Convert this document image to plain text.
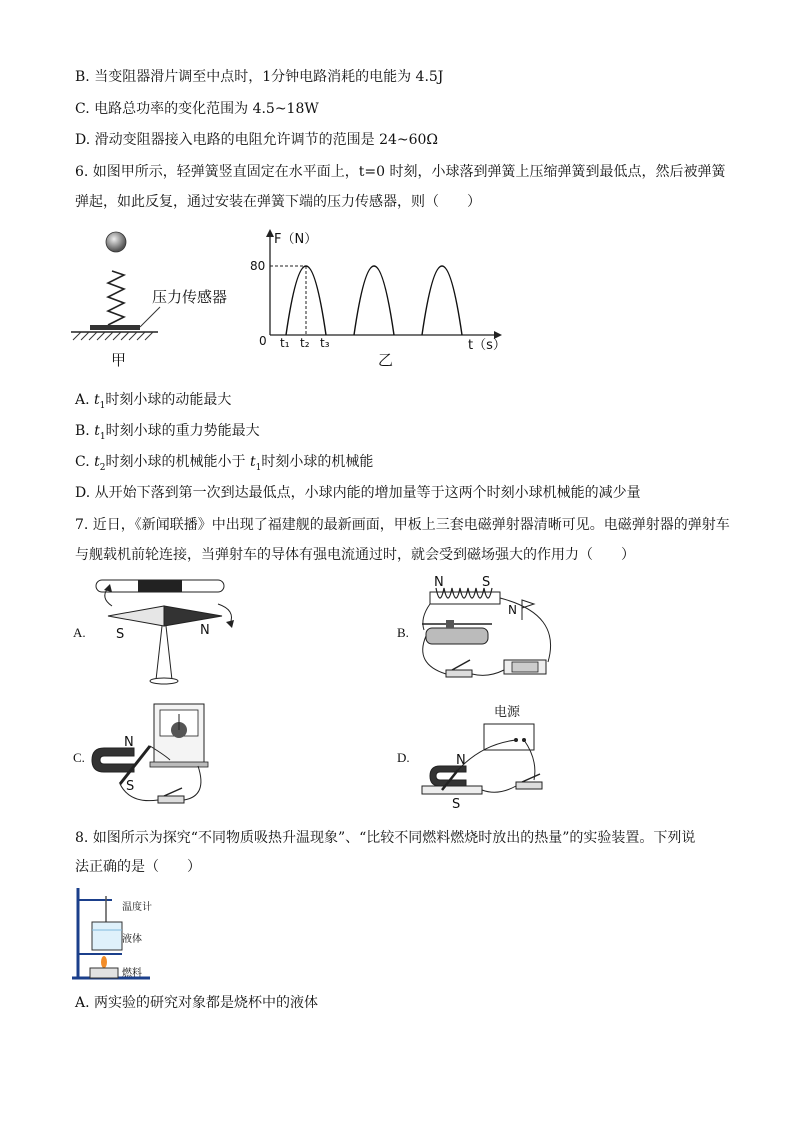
B. 当变阻器滑片调至中点时，1分钟电路消耗的电能为 4.5J
C. 电路总功率的变化范围为 4.5~18W
D. 滑动变阻器接入电路的电阻允许调节的范围是 24~60Ω
6. 如图甲所示，轻弹簧竖直固定在水平面上，t=0 时刻，小球落到弹簧上压缩弹簧到最低点，然后被弹簧
弹起，如此反复，通过安装在弹簧下端的压力传感器，则（　　）
压力传感器
甲
F（N）
80
0 t₁ t₂ t₃	t（s）
乙
A. $t_1$时刻小球的动能最大
B. $t_1$时刻小球的重力势能最大
C. $t_2$时刻小球的机械能小于 $t_1$时刻小球的机械能
D. 从开始下落到第一次到达最低点，小球内能的增加量等于这两个时刻小球机械能的减少量
7. 近日，《新闻联播》中出现了福建舰的最新画面，甲板上三套电磁弹射器清晰可见。电磁弹射器的弹射车
与舰载机前轮连接，当弹射车的导体有强电流通过时，就会受到磁场强大的作用力（　　）
A. S	N	B.
N	S
N
C.
N
S
D.
电源
N
S
8. 如图所示为探究“不同物质吸热升温现象”、“比较不同燃料燃烧时放出的热量”的实验装置。下列说
法正确的是（　　）
温度计
液体
燃料
A. 两实验的研究对象都是烧杯中的液体
